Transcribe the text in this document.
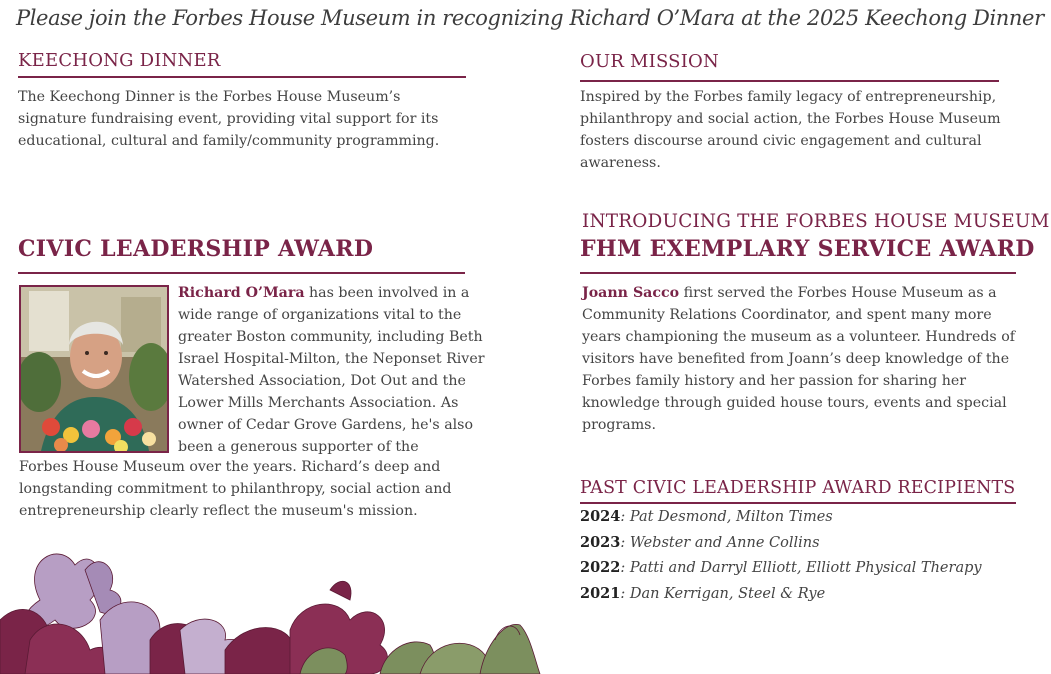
Please join the Forbes House Museum in recognizing Richard O’Mara at the 2025 Keechong Dinner
KEECHONG DINNER
The Keechong Dinner is the Forbes House Museum’s signature fundraising event, providing vital support for its educational, cultural and family/community programming.
OUR MISSION
Inspired by the Forbes family legacy of entrepreneurship, philanthropy and social action, the Forbes House Museum fosters discourse around civic engagement and cultural awareness.
CIVIC LEADERSHIP AWARD
Richard O’Mara has been involved in a wide range of organizations vital to the greater Boston community, including Beth Israel Hospital-Milton, the Neponset River Watershed Association, Dot Out and the Lower Mills Merchants Association. As owner of Cedar Grove Gardens, he's also been a generous supporter of the
Forbes House Museum over the years. Richard’s deep and longstanding commitment to philanthropy, social action and entrepreneurship clearly reflect the museum's mission.
INTRODUCING THE FORBES HOUSE MUSEUM
FHM EXEMPLARY SERVICE AWARD
Joann Sacco first served the Forbes House Museum as a Community Relations Coordinator, and spent many more years championing the museum as a volunteer. Hundreds of visitors have benefited from Joann’s deep knowledge of the Forbes family history and her passion for sharing her knowledge through guided house tours, events and special programs.
PAST CIVIC LEADERSHIP AWARD RECIPIENTS
2024: Pat Desmond, Milton Times
2023: Webster and Anne Collins
2022: Patti and Darryl Elliott, Elliott Physical Therapy
2021: Dan Kerrigan, Steel & Rye
